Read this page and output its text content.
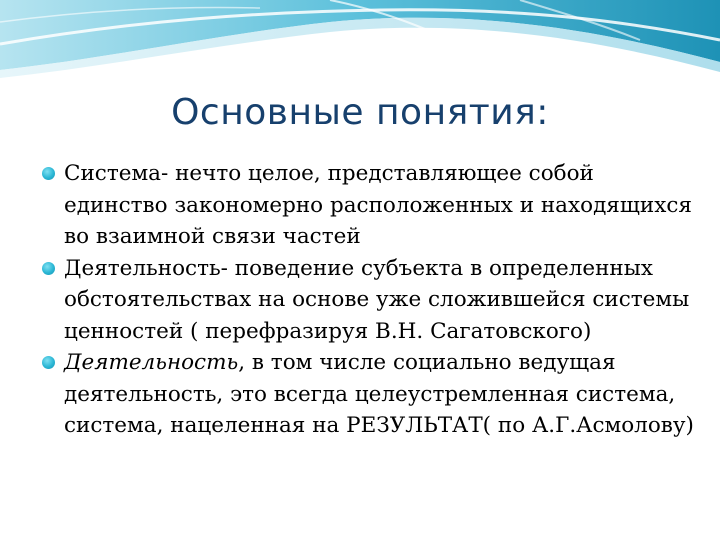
Основные понятия:
Система- нечто целое, представляющее собой единство закономерно расположенных и находящихся во взаимной связи частей
Деятельность- поведение субъекта в определенных обстоятельствах на основе уже сложившейся системы ценностей ( перефразируя В.Н. Сагатовского)
Деятельность, в том числе социально ведущая деятельность, это всегда целеустремленная система, система, нацеленная на РЕЗУЛЬТАТ( по А.Г.Асмолову)
